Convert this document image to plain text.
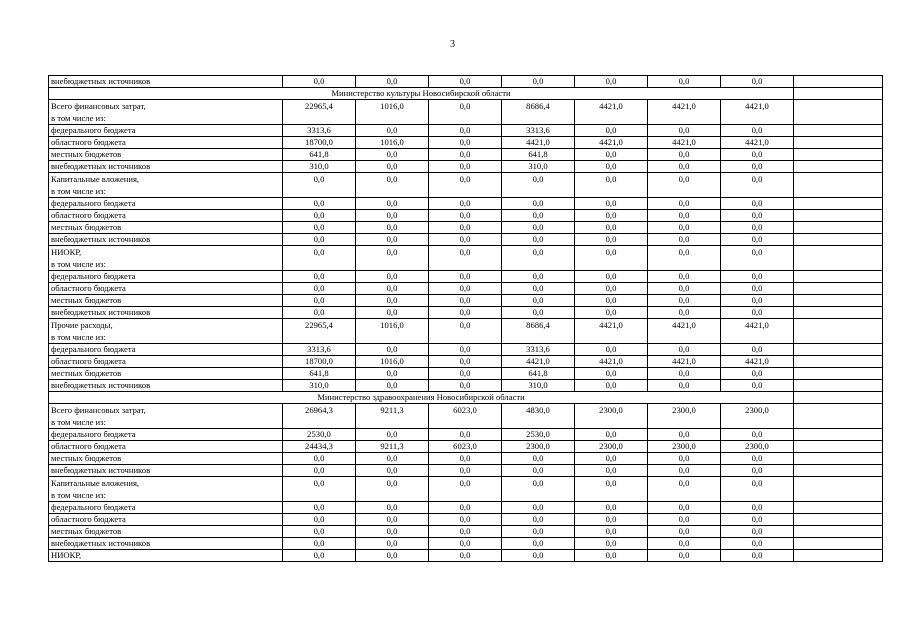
3
внебюджетных источников	0,0	0,0	0,0	0,0	0,0	0,0	0,0	
Министерство культуры Новосибирской области								

Всего финансовых затрат,
в том числе из:	22965,4	1016,0	0,0	8686,4	4421,0	4421,0	4421,0	

федерального бюджета	3313,6	0,0	0,0	3313,6	0,0	0,0	0,0	

областного бюджета	18700,0	1016,0	0,0	4421,0	4421,0	4421,0	4421,0	

местных бюджетов	641,8	0,0	0,0	641,8	0,0	0,0	0,0	

внебюджетных источников	310,0	0,0	0,0	310,0	0,0	0,0	0,0	

Капитальные вложения,
в том числе из:	0,0	0,0	0,0	0,0	0,0	0,0	0,0	

федерального бюджета	0,0	0,0	0,0	0,0	0,0	0,0	0,0	

областного бюджета	0,0	0,0	0,0	0,0	0,0	0,0	0,0	

местных бюджетов	0,0	0,0	0,0	0,0	0,0	0,0	0,0	

внебюджетных источников	0,0	0,0	0,0	0,0	0,0	0,0	0,0	

НИОКР,
в том числе из:	0,0	0,0	0,0	0,0	0,0	0,0	0,0	

федерального бюджета	0,0	0,0	0,0	0,0	0,0	0,0	0,0	

областного бюджета	0,0	0,0	0,0	0,0	0,0	0,0	0,0	

местных бюджетов	0,0	0,0	0,0	0,0	0,0	0,0	0,0	

внебюджетных источников	0,0	0,0	0,0	0,0	0,0	0,0	0,0	

Прочие расходы,
в том числе из:	22965,4	1016,0	0,0	8686,4	4421,0	4421,0	4421,0	

федерального бюджета	3313,6	0,0	0,0	3313,6	0,0	0,0	0,0	

областного бюджета	18700,0	1016,0	0,0	4421,0	4421,0	4421,0	4421,0	

местных бюджетов	641,8	0,0	0,0	641,8	0,0	0,0	0,0	

внебюджетных источников	310,0	0,0	0,0	310,0	0,0	0,0	0,0	
Министерство здравоохранения Новосибирской области								

Всего финансовых затрат,
в том числе из:	26964,3	9211,3	6023,0	4830,0	2300,0	2300,0	2300,0	

федерального бюджета	2530,0	0,0	0,0	2530,0	0,0	0,0	0,0	

областного бюджета	24434,3	9211,3	6023,0	2300,0	2300,0	2300,0	2300,0	

местных бюджетов	0,0	0,0	0,0	0,0	0,0	0,0	0,0	

внебюджетных источников	0,0	0,0	0,0	0,0	0,0	0,0	0,0	

Капитальные вложения,
в том числе из:	0,0	0,0	0,0	0,0	0,0	0,0	0,0	

федерального бюджета	0,0	0,0	0,0	0,0	0,0	0,0	0,0	

областного бюджета	0,0	0,0	0,0	0,0	0,0	0,0	0,0	

местных бюджетов	0,0	0,0	0,0	0,0	0,0	0,0	0,0	

внебюджетных источников	0,0	0,0	0,0	0,0	0,0	0,0	0,0	

НИОКР,	0,0	0,0	0,0	0,0	0,0	0,0	0,0	
